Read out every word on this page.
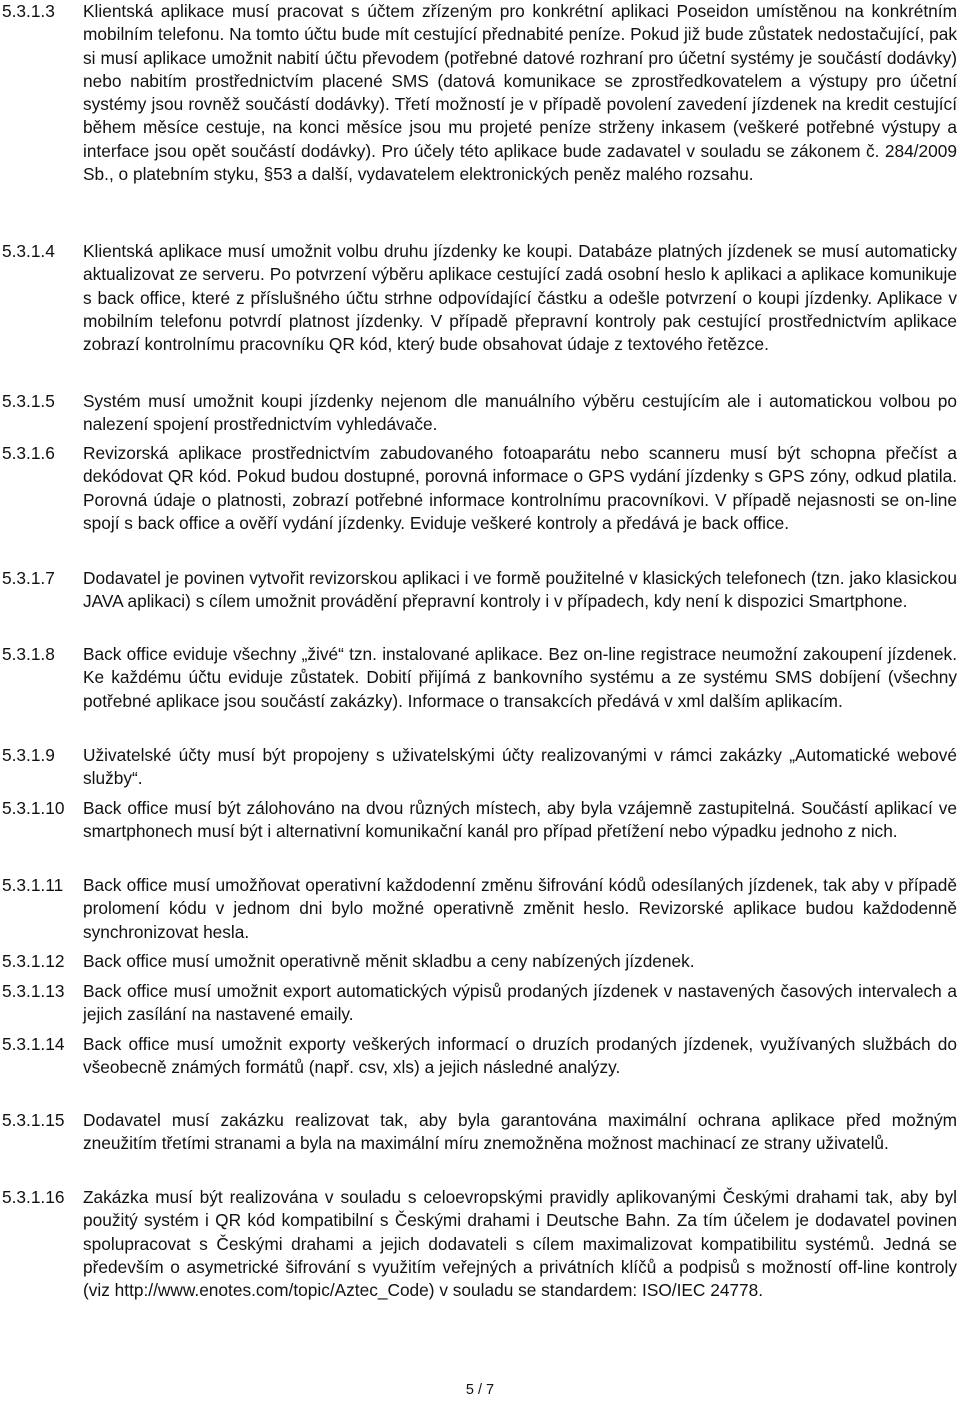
5.3.1.3	Klientská aplikace musí pracovat s účtem zřízeným pro konkrétní aplikaci Poseidon umístěnou na konkrétním mobilním telefonu. Na tomto účtu bude mít cestující přednabité peníze. Pokud již bude zůstatek nedostačující, pak si musí aplikace umožnit nabití účtu převodem (potřebné datové rozhraní pro účetní systémy je součástí dodávky) nebo nabitím prostřednictvím placené SMS (datová komunikace se zprostředkovatelem a výstupy pro účetní systémy jsou rovněž součástí dodávky). Třetí možností je v případě povolení zavedení jízdenek na kredit cestující během měsíce cestuje, na konci měsíce jsou mu projeté peníze strženy inkasem (veškeré potřebné výstupy a interface jsou opět součástí dodávky). Pro účely této aplikace bude zadavatel v souladu se zákonem č. 284/2009 Sb., o platebním styku, §53 a další, vydavatelem elektronických peněz malého rozsahu.
5.3.1.4	Klientská aplikace musí umožnit volbu druhu jízdenky ke koupi. Databáze platných jízdenek se musí automaticky aktualizovat ze serveru. Po potvrzení výběru aplikace cestující zadá osobní heslo k aplikaci a aplikace komunikuje s back office, které z příslušného účtu strhne odpovídající částku a odešle potvrzení o koupi jízdenky. Aplikace v mobilním telefonu potvrdí platnost jízdenky. V případě přepravní kontroly pak cestující prostřednictvím aplikace zobrazí kontrolnímu pracovníku QR kód, který bude obsahovat údaje z textového řetězce.
5.3.1.5	Systém musí umožnit koupi jízdenky nejenom dle manuálního výběru cestujícím ale i automatickou volbou po nalezení spojení prostřednictvím vyhledávače.
5.3.1.6	Revizorská aplikace prostřednictvím zabudovaného fotoaparátu nebo scanneru musí být schopna přečíst a dekódovat QR kód. Pokud budou dostupné, porovná informace o GPS vydání jízdenky s GPS zóny, odkud platila. Porovná údaje o platnosti, zobrazí potřebné informace kontrolnímu pracovníkovi. V případě nejasnosti se on-line spojí s back office a ověří vydání jízdenky. Eviduje veškeré kontroly a předává je back office.
5.3.1.7	Dodavatel je povinen vytvořit revizorskou aplikaci i ve formě použitelné v klasických telefonech (tzn. jako klasickou JAVA aplikaci) s cílem umožnit provádění přepravní kontroly i v případech, kdy není k dispozici Smartphone.
5.3.1.8	Back office eviduje všechny „živé“ tzn. instalované aplikace. Bez on-line registrace neumožní zakoupení jízdenek. Ke každému účtu eviduje zůstatek. Dobití přijímá z bankovního systému a ze systému SMS dobíjení (všechny potřebné aplikace jsou součástí zakázky). Informace o transakcích předává v xml dalším aplikacím.
5.3.1.9	Uživatelské účty musí být propojeny s uživatelskými účty realizovanými v rámci zakázky „Automatické webové služby“.
5.3.1.10	Back office musí být zálohováno na dvou různých místech, aby byla vzájemně zastupitelná. Součástí aplikací ve smartphonech musí být i alternativní komunikační kanál pro případ přetížení nebo výpadku jednoho z nich.
5.3.1.11	Back office musí umožňovat operativní každodenní změnu šifrování kódů odesílaných jízdenek, tak aby v případě prolomení kódu v jednom dni bylo možné operativně změnit heslo. Revizorské aplikace budou každodenně synchronizovat hesla.
5.3.1.12	Back office musí umožnit operativně měnit skladbu a ceny nabízených jízdenek.
5.3.1.13	Back office musí umožnit export automatických výpisů prodaných jízdenek v nastavených časových intervalech a jejich zasílání na nastavené emaily.
5.3.1.14	Back office musí umožnit exporty veškerých informací o druzích prodaných jízdenek, využívaných službách do všeobecně známých formátů (např. csv, xls) a jejich následné analýzy.
5.3.1.15	Dodavatel musí zakázku realizovat tak, aby byla garantována maximální ochrana aplikace před možným zneužitím třetími stranami a byla na maximální míru znemožněna možnost machinací ze strany uživatelů.
5.3.1.16	Zakázka musí být realizována v souladu s celoevropskými pravidly aplikovanými Českými drahami tak, aby byl použitý systém i QR kód kompatibilní s Českými drahami i Deutsche Bahn. Za tím účelem je dodavatel povinen spolupracovat s Českými drahami a jejich dodavateli s cílem maximalizovat kompatibilitu systémů. Jedná se především o asymetrické šifrování s využitím veřejných a privátních klíčů a podpisů s možností off-line kontroly (viz http://www.enotes.com/topic/Aztec_Code) v souladu se standardem: ISO/IEC 24778.
5 / 7
